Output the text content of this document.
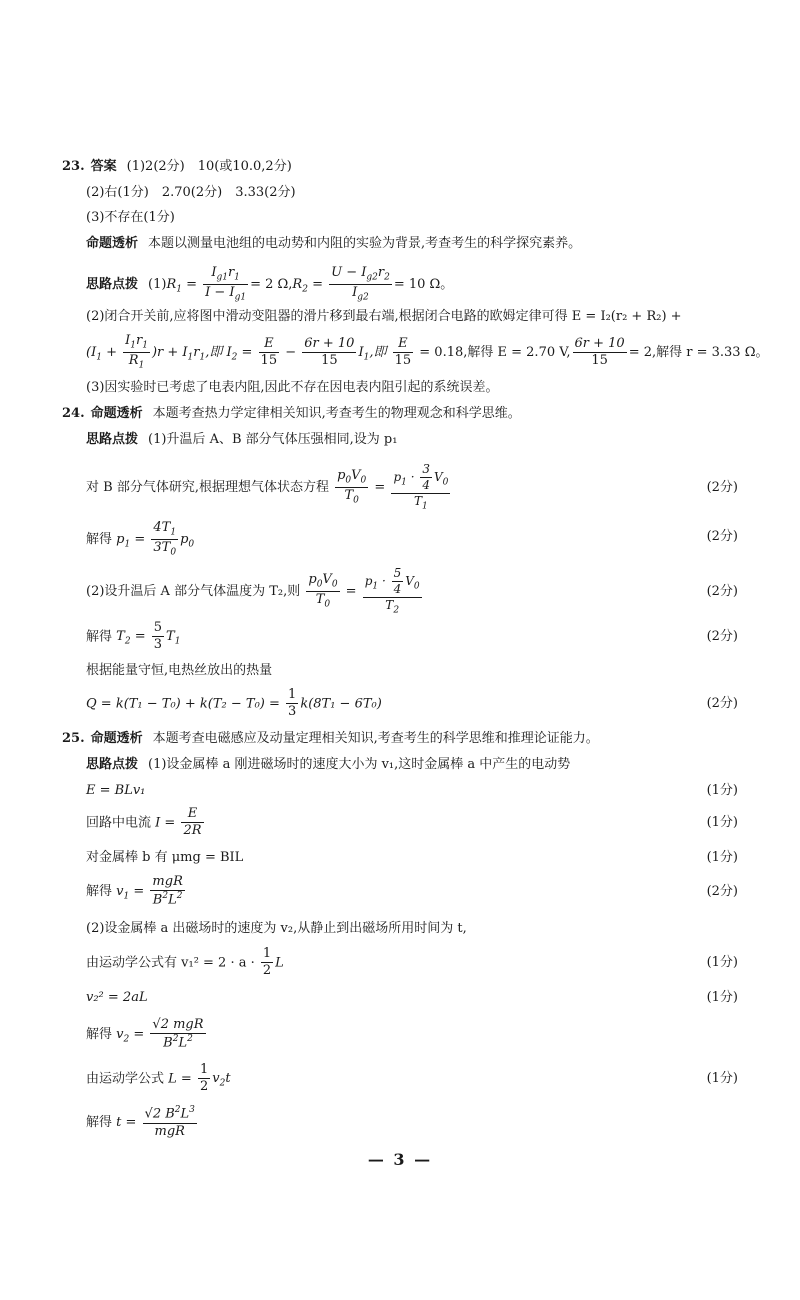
23. 答案 (1)2(2分)　10(或10.0,2分)
(2)右(1分)　2.70(2分)　3.33(2分)
(3)不存在(1分)
命题透析 本题以测量电池组的电动势和内阻的实验为背景,考查考生的科学探究素养。
思路点拨 $(1)R_1 = \frac{I_{g1}r_1}{I - I_{g1}} = 2$ $\Omega,R_2 = \frac{U - I_{g2}r_2}{I_{g2}} = 10$ Ω。
(2)闭合开关前,应将图中滑动变阻器的滑片移到最右端,根据闭合电路的欧姆定律可得 E = I₂(r₂ + R₂) +
$(I_1 + \frac{I_1r_1}{R_1} )r + I_1r_1$,即 $I_2 = \frac{E}{15} - \frac{6r + 10}{15} I_1$,即 $\frac{E}{15} = 0.18$,解得 E = 2.70 V, $\frac{6r + 10}{15} = 2$,解得 r = 3.33 Ω。
(3)因实验时已考虑了电表内阻,因此不存在因电表内阻引起的系统误差。
24. 命题透析 本题考查热力学定律相关知识,考查考生的物理观念和科学思维。
思路点拨 (1)升温后 A、B 部分气体压强相同,设为 p₁
对 B 部分气体研究,根据理想气体状态方程 $\frac{p_0V_0}{T_0} = \frac{p_1 \cdot \frac{3}{4} V_0}{T_1}$	(2分)
解得 $p_1 = \frac{4T_1}{3T_0} p_0$
(2分)
(2)设升温后 A 部分气体温度为 T₂,则 $\frac{p_0V_0}{T_0} = \frac{p_1 \cdot \frac{5}{4} V_0}{T_2}$	(2分)
解得 $T_2 = \frac{5}{3} T_1$	(2分)
根据能量守恒,电热丝放出的热量
$Q = k(T_1 - T_0) + k(T_2 - T_0) = \frac{1}{3} k(8T_1 - 6T_0)$	(2分)
25. 命题透析 本题考查电磁感应及动量定理相关知识,考查考生的科学思维和推理论证能力。
思路点拨 (1)设金属棒 a 刚进磁场时的速度大小为 v₁,这时金属棒 a 中产生的电动势
E = BLv₁	(1分)
回路中电流 $I = \frac{E}{2R}$	(1分)
对金属棒 b 有 μmg = BIL	(1分)
解得 $v_1$ =
mgR
$B^2L^2$	(2分)
(2)设金属棒 a 出磁场时的速度为 v₂,从静止到出磁场所用时间为 t,
由运动学公式有 $v_1^2 = 2 \cdot a \cdot \frac{1}{2}$ L	(1分)
v₂² = 2aL	(1分)
解得 $v_2$ =
√2 mgR
$B^2L^2$
由运动学公式 $L = \frac{1}{2} v_2t$	(1分)
解得 t =
√2 $B^2L^3$
mgR
— 3 —
